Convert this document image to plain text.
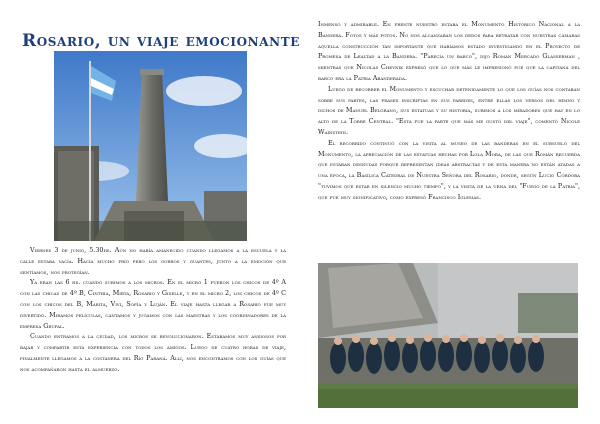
Rosario, un viaje emocionante

Viernes 3 de junio, 5.30hs. Aún no había amanecido cuando llegamos a la escuela y la calle estaba vacía. Hacía mucho frío pero los gorros y guantes, junto a la emoción que sentíamos, nos protegían.

Ya eran las 6 hs. cuando subimos a los micros. En el micro 1 fueron los chicos de 4º A con las chicas de 4º B, Cinthia, Mirta, Rosario y Giselle, y en el micro 2, los chicos de 4º C con los chicos del B, Marita, Vivi, Sofía y Luján. El viaje hasta llegar a Rosario fue muy divertido. Miramos películas, cantamos y jugamos con las maestras y los coordinadores de la empresa Grupal.

Cuando entramos a la ciudad, los micros se revolucionaron. Estábamos muy ansiosos por bajar y compartir esta experiencia con todos los amigos. Luego de cuatro horas de viaje, finalmente llegamos a la costanera del Río Paraná. Allí, nos encontramos con los guías que nos acompañaron hasta el almuerzo.

Inmenso y admirable. En frente nuestro estaba el Monumento Histórico Nacional a la Bandera. Fotos y más fotos. No nos alcanzaban los dedos para retratar con nuestras cámaras aquella construcción tan importante que habíamos estado investigando en el Proyecto de Promesa de Lealtad a la Bandera. "Parecía un barco", dijo Román Mercado Glasserman , mientras que Nicolás Chevnik expresó que lo que más le impresionó fue que la capitana del barco era la Patria Abanderada.

Luego de recorrer el Monumento y escuchar detenidamente lo que los guías nos contaban sobre sus partes, las frases inscriptas en sus paredes, entre ellas los versos del himno y dichos de Manuel Belgrano, sus estatuas y su historia, subimos a los miradores que hay en lo alto de la Torre Central. "Esta fue la parte que más me gustó del viaje", comentó Nicole Wainstein.

El recorrido continuó con la visita al museo de las banderas en el subsuelo del Monumento, la apreciación de las estatuas hechas por Lola Mora, de las que Román recuerda que estaban desnudas porque representan ideas abstractas y de esta manera no están atadas a una época, la Basílica Catedral de Nuestra Señora del Rosario, donde, según Lucio Córdoba "tuvimos que estar en silencio mucho tiempo", y la visita de la urna del "Fuego de la Patria", que fue muy significativo, como expresó Francisco Iglesias.
